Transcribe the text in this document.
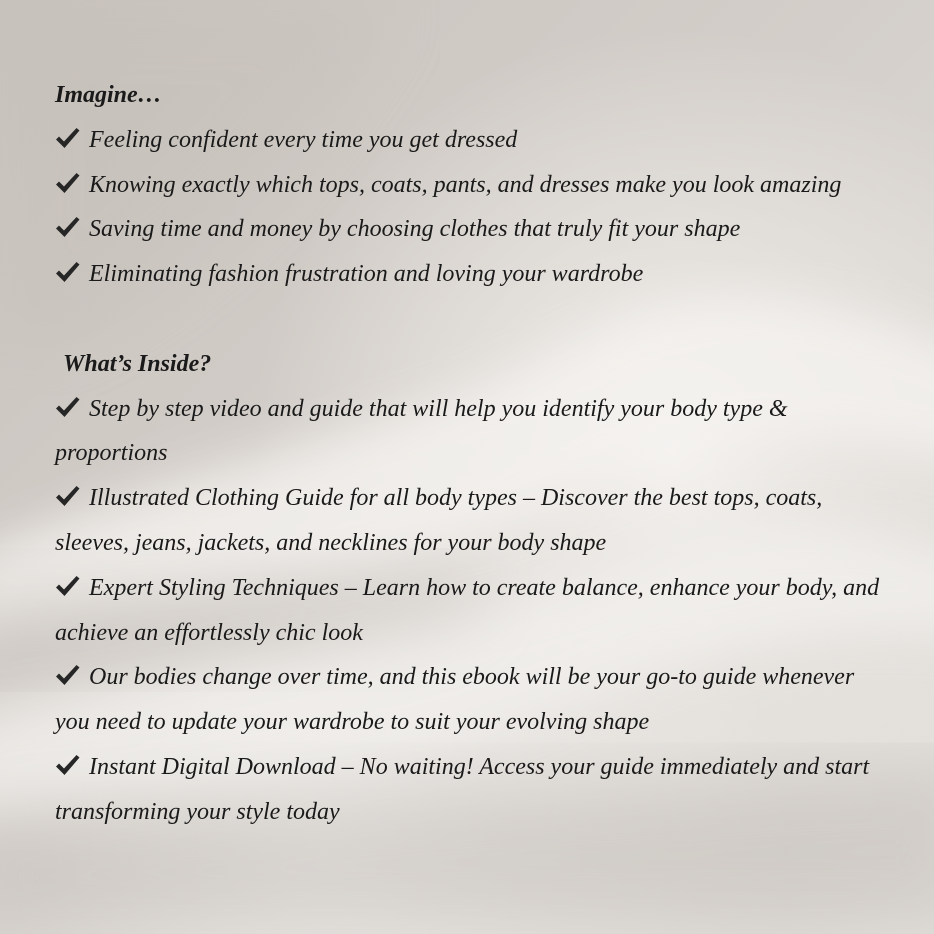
Imagine…
Feeling confident every time you get dressed
Knowing exactly which tops, coats, pants, and dresses make you look amazing
Saving time and money by choosing clothes that truly fit your shape
Eliminating fashion frustration and loving your wardrobe
What’s Inside?
Step by step video and guide that will help you identify your body type & proportions
Illustrated Clothing Guide for all body types – Discover the best tops, coats, sleeves, jeans, jackets, and necklines for your body shape
Expert Styling Techniques – Learn how to create balance, enhance your body, and achieve an effortlessly chic look
Our bodies change over time, and this ebook will be your go-to guide whenever you need to update your wardrobe to suit your evolving shape
Instant Digital Download – No waiting! Access your guide immediately and start transforming your style today
